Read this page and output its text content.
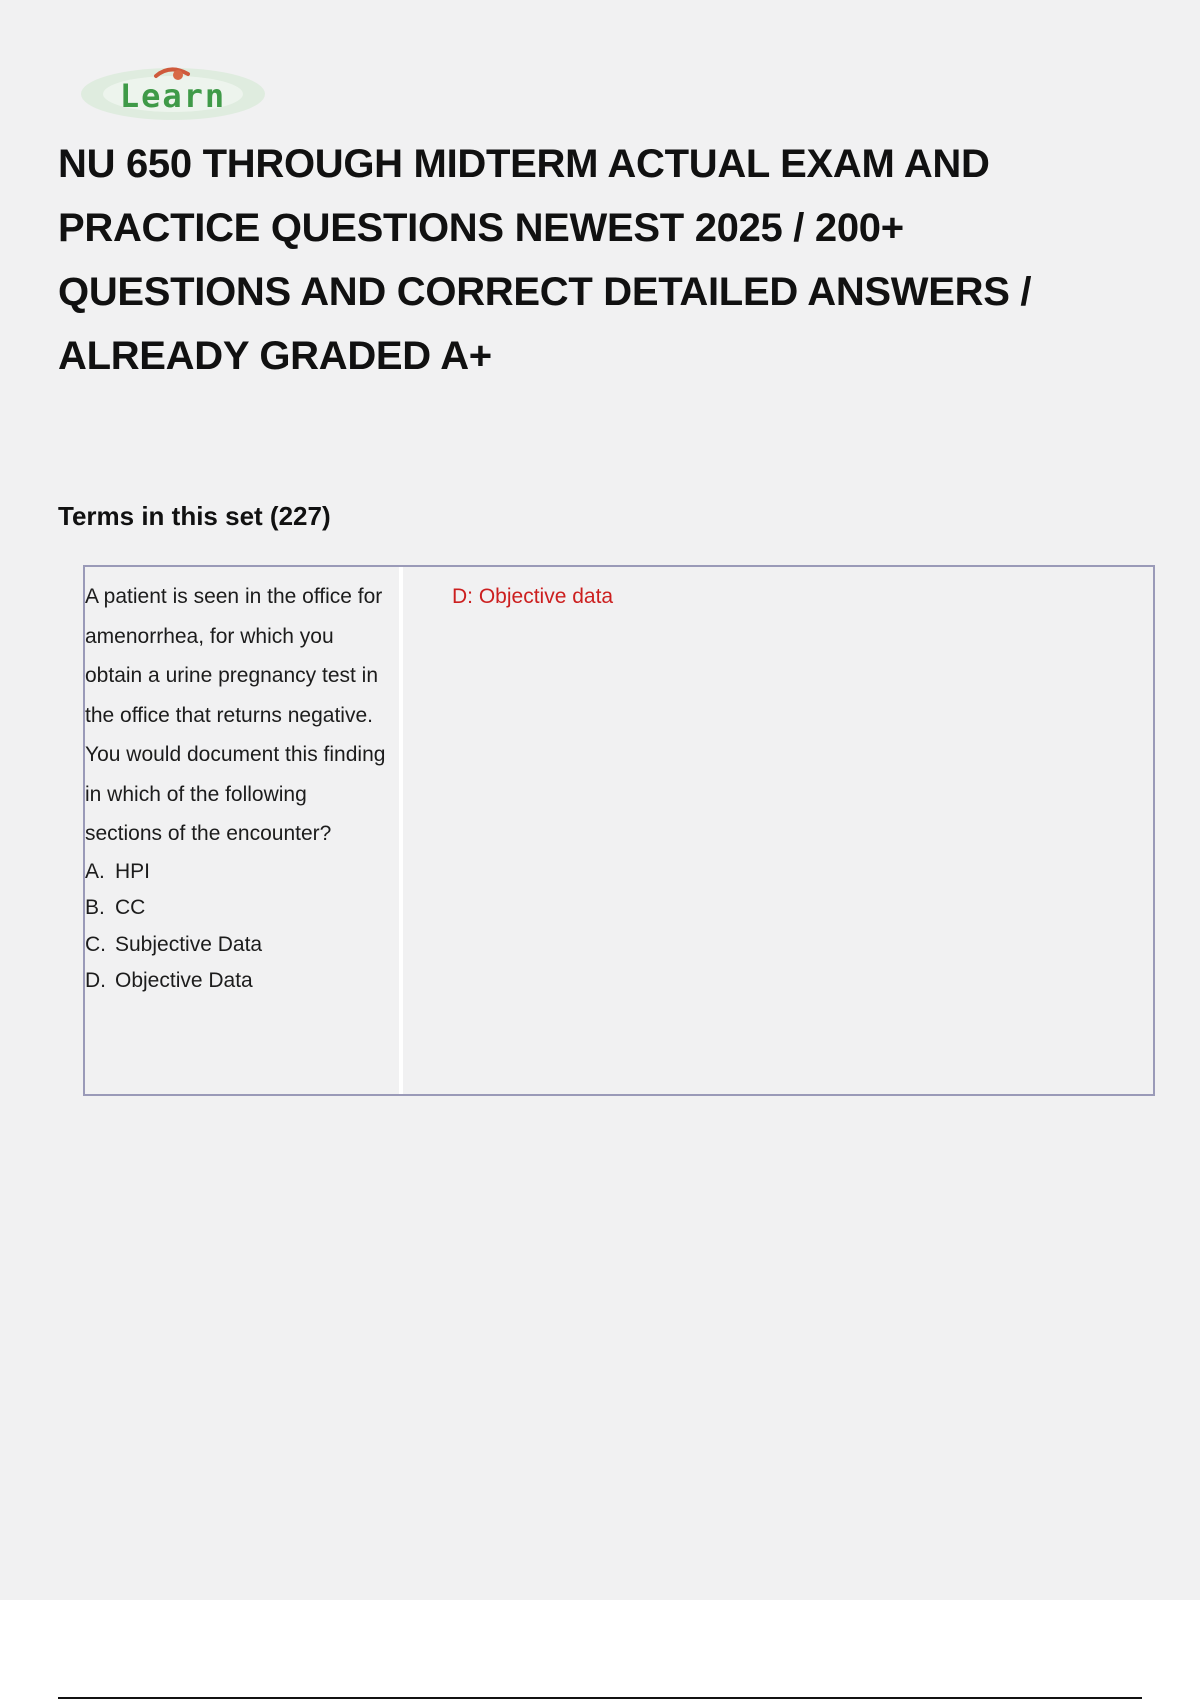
Learn
NU 650 THROUGH MIDTERM ACTUAL EXAM AND PRACTICE QUESTIONS NEWEST 2025 / 200+ QUESTIONS AND CORRECT DETAILED ANSWERS / ALREADY GRADED A+
Terms in this set (227)

A patient is seen in the office for amenorrhea, for which you obtain a urine pregnancy test in the office that returns negative. You would document this finding in which of the following sections of the encounter?

A. HPI
B. CC
C. Subjective Data
D. Objective Data
D: Objective data
